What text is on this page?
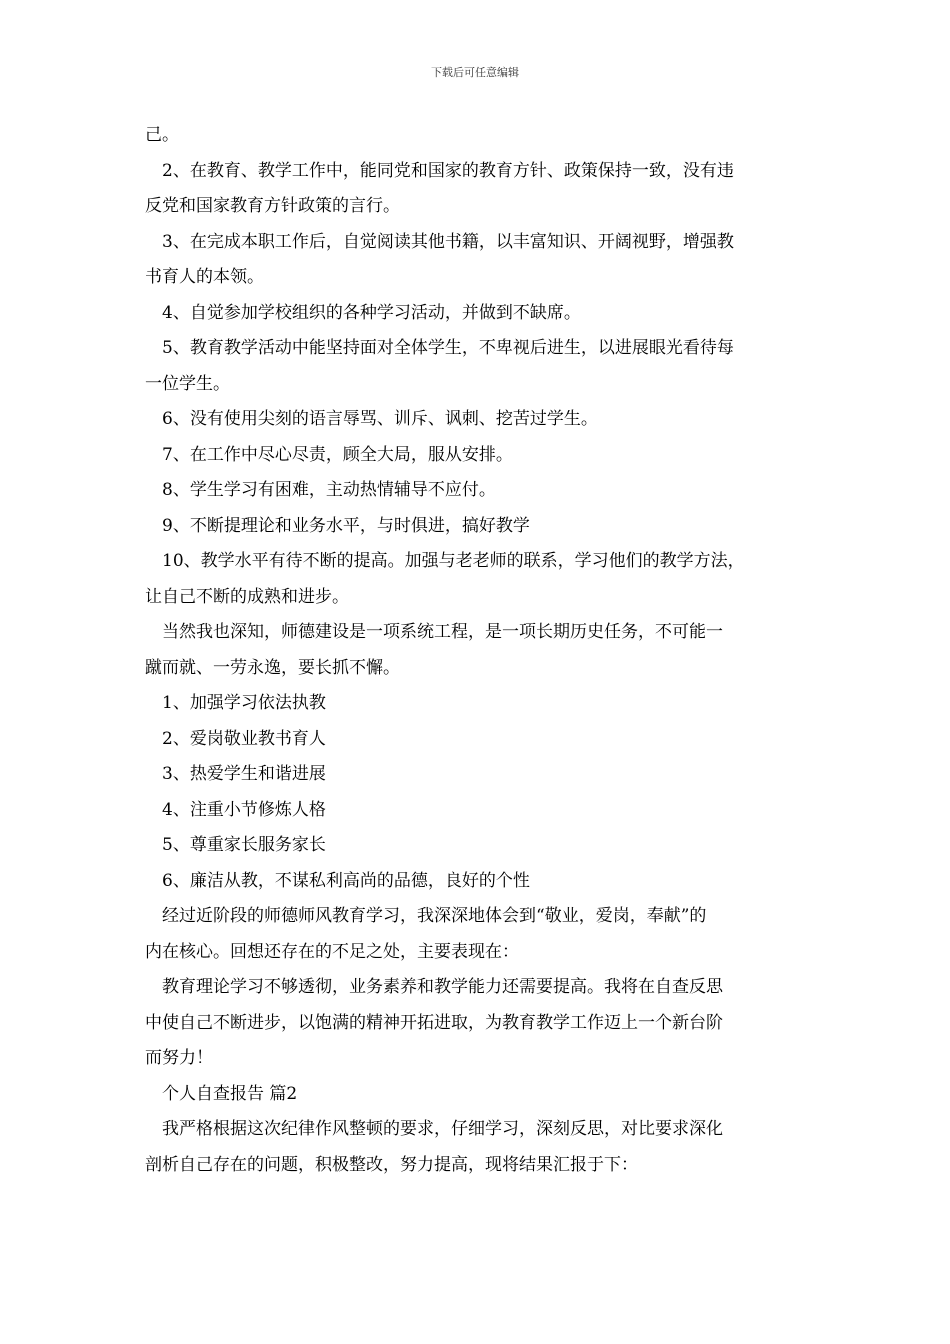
下载后可任意编辑

己。

2、在教育、教学工作中，能同党和国家的教育方针、政策保持一致，没有违

反党和国家教育方针政策的言行。

3、在完成本职工作后，自觉阅读其他书籍，以丰富知识、开阔视野，增强教

书育人的本领。

4、自觉参加学校组织的各种学习活动，并做到不缺席。

5、教育教学活动中能坚持面对全体学生，不卑视后进生，以进展眼光看待每

一位学生。

6、没有使用尖刻的语言辱骂、训斥、讽刺、挖苦过学生。

7、在工作中尽心尽责，顾全大局，服从安排。

8、学生学习有困难，主动热情辅导不应付。

9、不断提理论和业务水平，与时俱进，搞好教学

10、教学水平有待不断的提高。加强与老老师的联系，学习他们的教学方法，

让自己不断的成熟和进步。

当然我也深知，师德建设是一项系统工程，是一项长期历史任务，不可能一

蹴而就、一劳永逸，要长抓不懈。

1、加强学习依法执教

2、爱岗敬业教书育人

3、热爱学生和谐进展

4、注重小节修炼人格

5、尊重家长服务家长

6、廉洁从教，不谋私利高尚的品德，良好的个性

经过近阶段的师德师风教育学习，我深深地体会到“敬业，爱岗，奉献”的

内在核心。回想还存在的不足之处，主要表现在：

教育理论学习不够透彻，业务素养和教学能力还需要提高。我将在自查反思

中使自己不断进步，以饱满的精神开拓进取，为教育教学工作迈上一个新台阶

而努力！

个人自查报告 篇2

我严格根据这次纪律作风整顿的要求，仔细学习，深刻反思，对比要求深化

剖析自己存在的问题，积极整改，努力提高，现将结果汇报于下：
